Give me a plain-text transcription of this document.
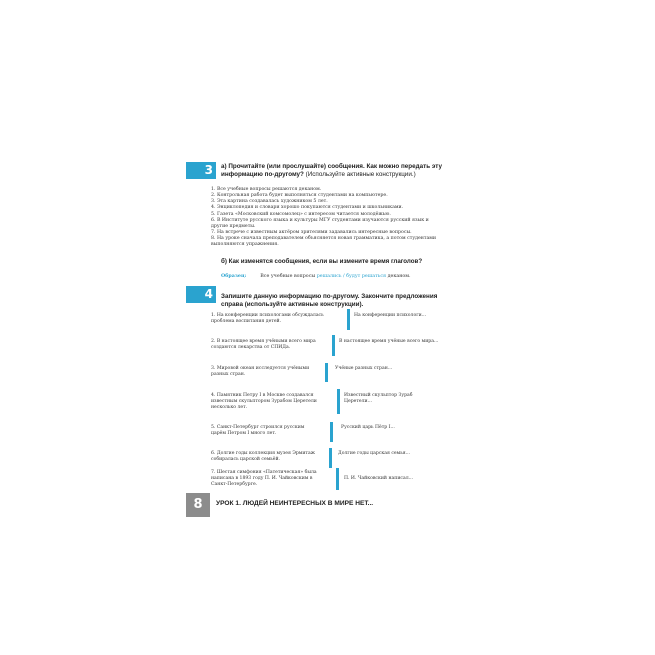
3	а) Прочитайте (или прослушайте) сообщения. Как можно передать эту информацию по-другому? (Используйте активные конструкции.)
1. Все учебные вопросы решаются деканом.
2. Контрольная работа будет выполняться студентами на компьютере.
3. Эта картина создавалась художником 5 лет.
4. Энциклопедия и словари хорошо покупаются студентами и школьниками.
5. Газета «Московский комсомолец» с интересом читается молодёжью.
6. В Институте русского языка и культуры МГУ студентами изучаются русский язык и другие предметы.
7. На встрече с известным актёром зрителями задавались интересные вопросы.
8. На уроке сначала преподавателем объясняется новая грамматика, а потом студентами выполняются упражнения.
б) Как изменятся сообщения, если вы измените время глаголов?
Образец:	Все учебные вопросы решались / будут решаться деканом.
4	Запишите данную информацию по-другому. Закончите предложения справа (используйте активные конструкции).
1. На конференции психологами обсуждалась проблема воспитания детей.
На конференции психологи...
2. В настоящее время учёными всего мира создаются лекарства от СПИДа.
В настоящее время учёные всего мира...
3. Мировой океан исследуется учёными разных стран.
Учёные разных стран...
4. Памятник Петру I в Москве создавался известным скульптором Зурабом Церетели несколько лет.
Известный скульптор Зураб Церетели...
5. Санкт-Петербург строился русским царём Петром I много лет.
Русский царь Пётр I...
6. Долгие годы коллекция музея Эрмитаж собиралась царской семьёй.
Долгие годы царская семья...
7. Шестая симфония «Патетическая» была написана в 1893 году П. И. Чайковским в Санкт-Петербурге.
П. И. Чайковский написал...
8	УРОК 1. ЛЮДЕЙ НЕИНТЕРЕСНЫХ В МИРЕ НЕТ...
